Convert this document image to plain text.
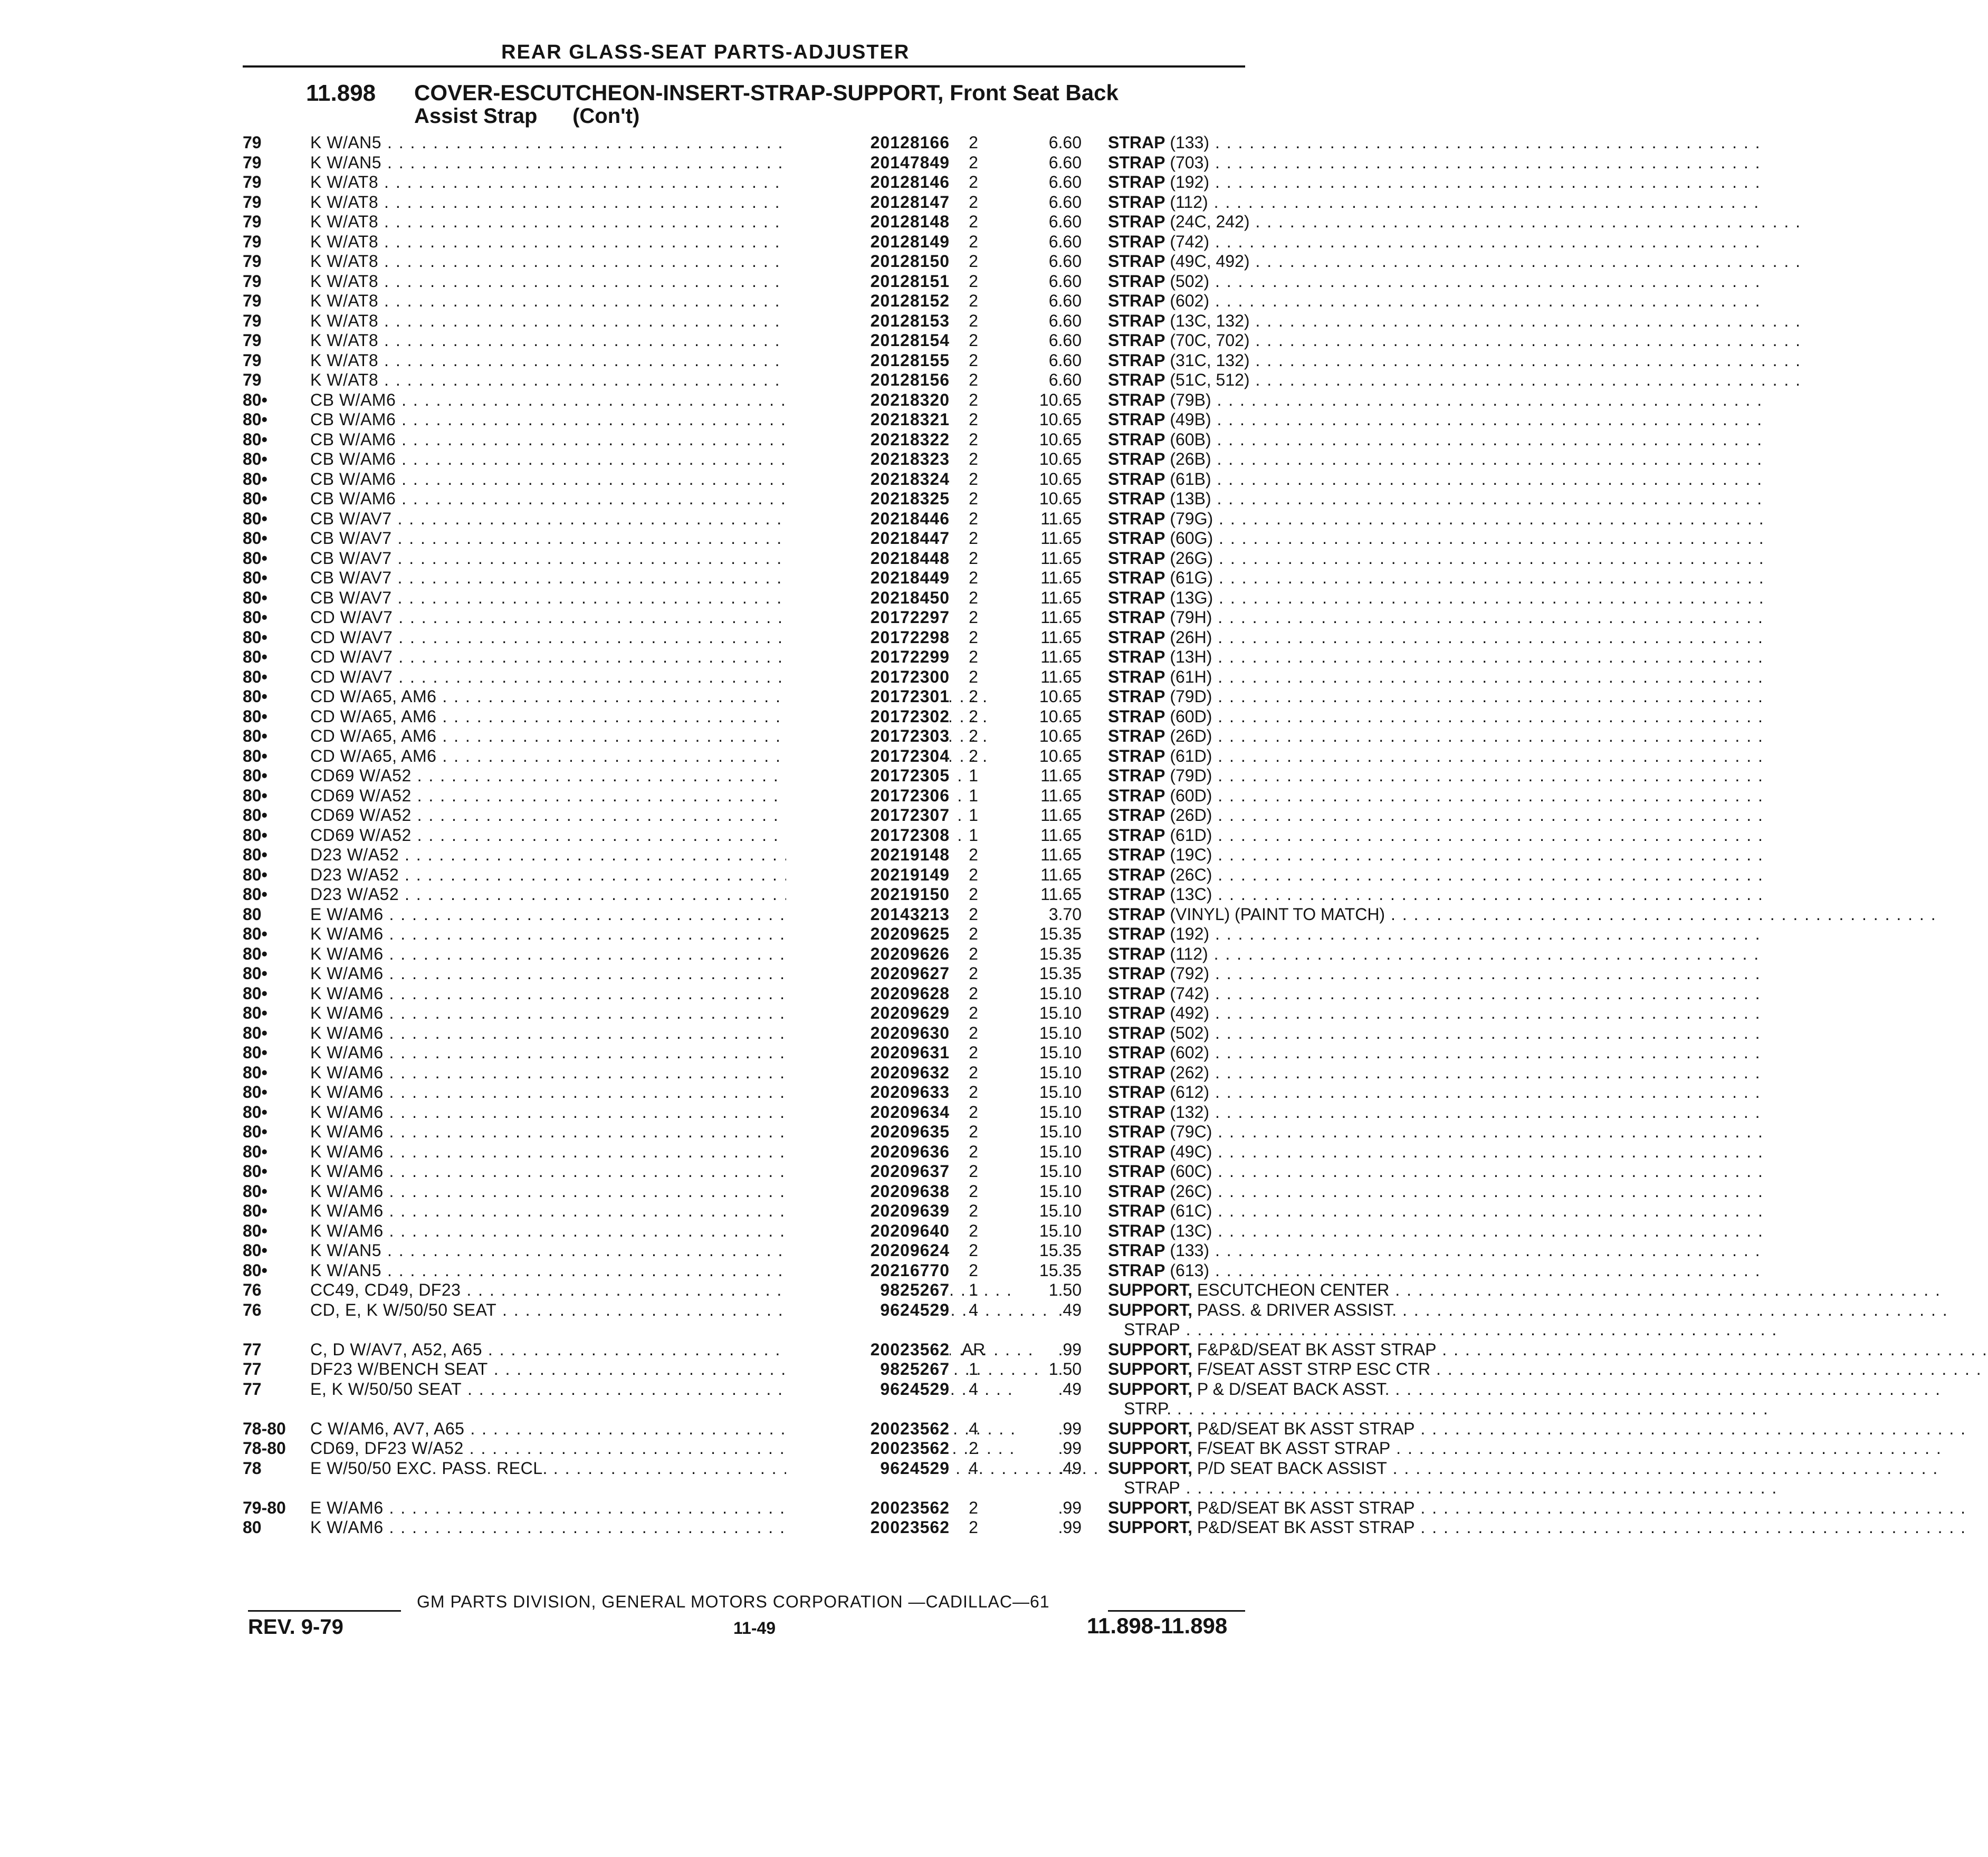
REAR GLASS-SEAT PARTS-ADJUSTER
11.898 COVER-ESCUTCHEON-INSERT-STRAP-SUPPORT, Front Seat Back
Assist Strap      (Con't)
79	K W/AN5 . . .	20128166	2	6.60 STRAP (133) . . .
79	K W/AN5 . . .	20147849	2	6.60 STRAP (703) . . .
79	K W/AT8 . . .	20128146	2	6.60 STRAP (192) . . .
79	K W/AT8 . . .	20128147	2	6.60 STRAP (112) . . .
79	K W/AT8 . . .	20128148	2	6.60 STRAP (24C, 242) . . .
79	K W/AT8 . . .	20128149	2	6.60 STRAP (742) . . .
79	K W/AT8 . . .	20128150	2	6.60 STRAP (49C, 492) . . .
79	K W/AT8 . . .	20128151	2	6.60 STRAP (502) . . .
79	K W/AT8 . . .	20128152	2	6.60 STRAP (602) . . .
79	K W/AT8 . . .	20128153	2	6.60 STRAP (13C, 132) . . .
79	K W/AT8 . . .	20128154	2	6.60 STRAP (70C, 702) . . .
79	K W/AT8 . . .	20128155	2	6.60 STRAP (31C, 132) . . .
79	K W/AT8 . . .	20128156	2	6.60 STRAP (51C, 512) . . .
80•	CB W/AM6 . . .	20218320	2	10.65 STRAP (79B) . . .
80•	CB W/AM6 . . .	20218321	2	10.65 STRAP (49B) . . .
80•	CB W/AM6 . . .	20218322	2	10.65 STRAP (60B) . . .
80•	CB W/AM6 . . .	20218323	2	10.65 STRAP (26B) . . .
80•	CB W/AM6 . . .	20218324	2	10.65 STRAP (61B) . . .
80•	CB W/AM6 . . .	20218325	2	10.65 STRAP (13B) . . .
80•	CB W/AV7 . . .	20218446	2	11.65 STRAP (79G) . . .
80•	CB W/AV7 . . .	20218447	2	11.65 STRAP (60G) . . .
80•	CB W/AV7 . . .	20218448	2	11.65 STRAP (26G) . . .
80•	CB W/AV7 . . .	20218449	2	11.65 STRAP (61G) . . .
80•	CB W/AV7 . . .	20218450	2	11.65 STRAP (13G) . . .
80•	CD W/AV7 . . .	20172297	2	11.65 STRAP (79H) . . .
80•	CD W/AV7 . . .	20172298	2	11.65 STRAP (26H) . . .
80•	CD W/AV7 . . .	20172299	2	11.65 STRAP (13H) . . .
80•	CD W/AV7 . . .	20172300	2	11.65 STRAP (61H) . . .
80•	CD W/A65, AM6 . . .	20172301	2	10.65 STRAP (79D) . . .
80•	CD W/A65, AM6 . . .	20172302	2	10.65 STRAP (60D) . . .
80•	CD W/A65, AM6 . . .	20172303	2	10.65 STRAP (26D) . . .
80•	CD W/A65, AM6 . . .	20172304	2	10.65 STRAP (61D) . . .
80•	CD69 W/A52 . . .	20172305	1	11.65 STRAP (79D) . . .
80•	CD69 W/A52 . . .	20172306	1	11.65 STRAP (60D) . . .
80•	CD69 W/A52 . . .	20172307	1	11.65 STRAP (26D) . . .
80•	CD69 W/A52 . . .	20172308	1	11.65 STRAP (61D) . . .
80•	D23 W/A52 . . .	20219148	2	11.65 STRAP (19C) . . .
80•	D23 W/A52 . . .	20219149	2	11.65 STRAP (26C) . . .
80•	D23 W/A52 . . .	20219150	2	11.65 STRAP (13C) . . .
80	E W/AM6 . . .	20143213	2	3.70 STRAP (VINYL) (PAINT TO MATCH) . . .
80•	K W/AM6 . . .	20209625	2	15.35 STRAP (192) . . .
80•	K W/AM6 . . .	20209626	2	15.35 STRAP (112) . . .
80•	K W/AM6 . . .	20209627	2	15.35 STRAP (792) . . .
80•	K W/AM6 . . .	20209628	2	15.10 STRAP (742) . . .
80•	K W/AM6 . . .	20209629	2	15.10 STRAP (492) . . .
80•	K W/AM6 . . .	20209630	2	15.10 STRAP (502) . . .
80•	K W/AM6 . . .	20209631	2	15.10 STRAP (602) . . .
80•	K W/AM6 . . .	20209632	2	15.10 STRAP (262) . . .
80•	K W/AM6 . . .	20209633	2	15.10 STRAP (612) . . .
80•	K W/AM6 . . .	20209634	2	15.10 STRAP (132) . . .
80•	K W/AM6 . . .	20209635	2	15.10 STRAP (79C) . . .
80•	K W/AM6 . . .	20209636	2	15.10 STRAP (49C) . . .
80•	K W/AM6 . . .	20209637	2	15.10 STRAP (60C) . . .
80•	K W/AM6 . . .	20209638	2	15.10 STRAP (26C) . . .
80•	K W/AM6 . . .	20209639	2	15.10 STRAP (61C) . . .
80•	K W/AM6 . . .	20209640	2	15.10 STRAP (13C) . . .
80•	K W/AN5 . . .	20209624	2	15.35 STRAP (133) . . .
80•	K W/AN5 . . .	20216770	2	15.35 STRAP (613) . . .
76	CC49, CD49, DF23 . . .	9825267	1	1.50 SUPPORT, ESCUTCHEON CENTER . . .
76	CD, E, K W/50/50 SEAT . . .	9624529	4	.49 SUPPORT, PASS. & DRIVER ASSIST. . . .
STRAP . . .
77	C, D W/AV7, A52, A65 . . .	20023562 AR	.99 SUPPORT, F&P&D/SEAT BK ASST STRAP . . .
77	DF23 W/BENCH SEAT . . .	9825267	1	1.50 SUPPORT, F/SEAT ASST STRP ESC CTR . . .
77	E, K W/50/50 SEAT . . .	9624529	4	.49 SUPPORT, P & D/SEAT BACK ASST. . . .
STRP. . . .
78-80	C W/AM6, AV7, A65 . . .	20023562	4	.99 SUPPORT, P&D/SEAT BK ASST STRAP . . .
78-80	CD69, DF23 W/A52 . . .	20023562	2	.99 SUPPORT, F/SEAT BK ASST STRAP . . .
78	E W/50/50 EXC. PASS. RECL. . . .	9624529	4	.49 SUPPORT, P/D SEAT BACK ASSIST . . .
STRAP . . .
79-80	E W/AM6 . . .	20023562	2	.99 SUPPORT, P&D/SEAT BK ASST STRAP . . .
80	K W/AM6 . . .	20023562	2	.99 SUPPORT, P&D/SEAT BK ASST STRAP . . .
GM PARTS DIVISION, GENERAL MOTORS CORPORATION —CADILLAC—61
REV. 9-79	11-49	11.898-11.898
